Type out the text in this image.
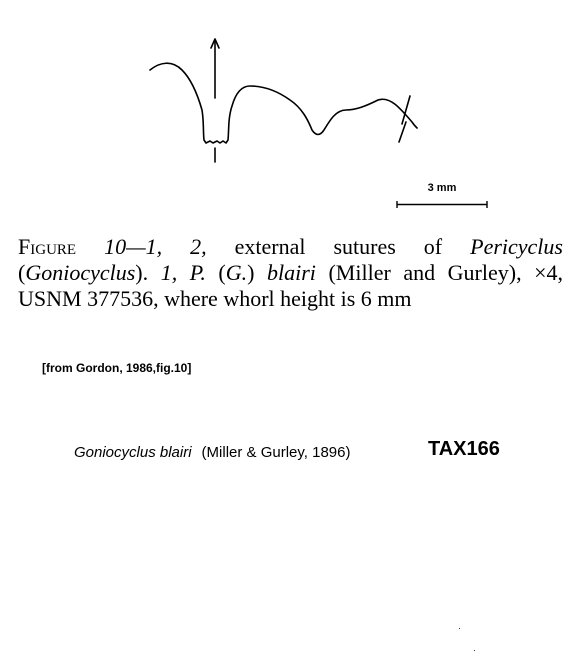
3 mm

Figure 10—1, 2, external sutures of Pericyclus (Goniocyclus). 1, P. (G.) blairi (Miller and Gurley), ×4, USNM 377536, where whorl height is 6 mm

[from Gordon, 1986,fig.10]
Goniocyclus blairi (Miller & Gurley, 1896)	TAX166
